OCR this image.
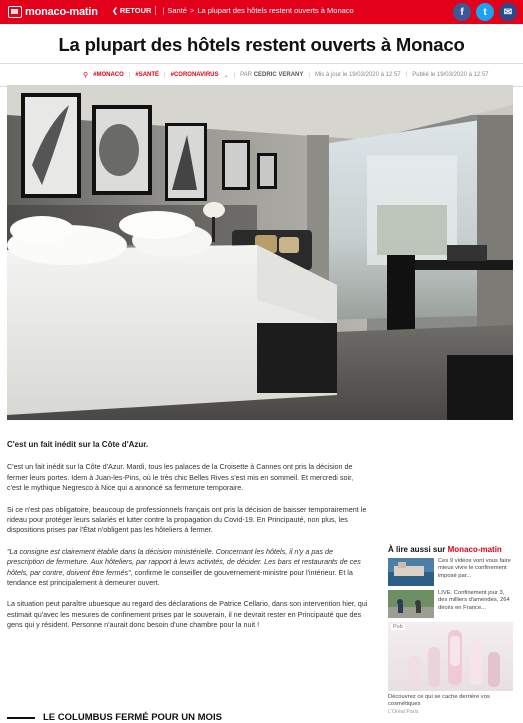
monaco-matin ❮ RETOUR | Santé > La plupart des hôtels restent ouverts à Monaco	f	t	✉
La plupart des hôtels restent ouverts à Monaco
⚲ #MONACO | #SANTÉ | #CORONAVIRUS ⌄ | PAR CEDRIC VERANY | Mis à jour le 19/03/2020 à 12:57 | Publié le 19/03/2020 à 12:57
C'est un fait inédit sur la Côte d'Azur.

C'est un fait inédit sur la Côte d'Azur. Mardi, tous les palaces de la Croisette à Cannes ont pris la décision de fermer leurs portes. Idem à Juan-les-Pins, où le très chic Belles Rives s'est mis en sommeil. Et mercredi soir, c'est le mythique Negresco à Nice qui a annoncé sa fermeture temporaire.

Si ce n'est pas obligatoire, beaucoup de professionnels français ont pris la décision de baisser temporairement le rideau pour protéger leurs salariés et lutter contre la propagation du Covid-19. En Principauté, non plus, les dispositions prises par l'État n'obligent pas les hôteliers à fermer.

"La consigne est clairement établie dans la décision ministérielle. Concernant les hôtels, il n'y a pas de prescription de fermeture. Aux hôteliers, par rapport à leurs activités, de décider. Les bars et restaurants de ces hôtels, par contre, doivent être fermés", confirme le conseiller de gouvernement-ministre pour l'intérieur. Et la tendance est principalement à demeurer ouvert.

La situation peut paraître ubuesque au regard des déclarations de Patrice Cellario, dans son intervention hier, qui estimait qu'avec les mesures de confinement prises par le souverain, il ne devrait rester en Principauté que des gens qui y résident. Personne n'aurait donc besoin d'une chambre pour la nuit !

LE COLUMBUS FERMÉ POUR UN MOIS
À lire aussi sur Monaco-matin
Ces 9 vidéos vont vous faire mieux vivre le confinement imposé par...
LIVE. Confinement jour 3, des milliers d'amendes, 264 décès en France...
Pub
Découvrez ce qui se cache derrière vos cosmétiques
L'Oréal Paris
